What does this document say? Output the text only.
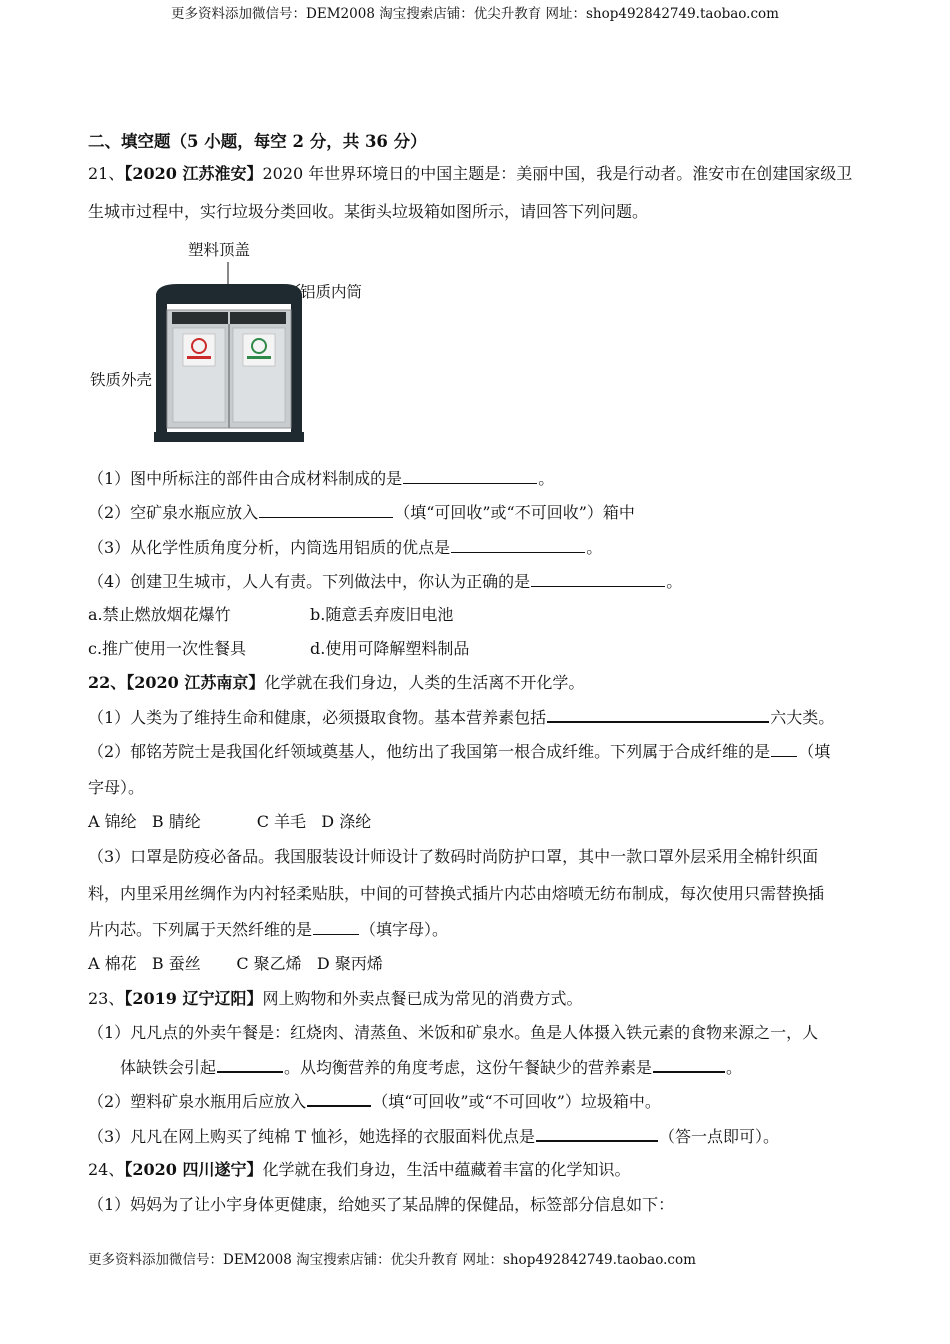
更多资料添加微信号：DEM2008 淘宝搜索店铺：优尖升教育 网址：shop492842749.taobao.com
二、填空题（5 小题，每空 2 分，共 36 分）
21、【2020 江苏淮安】2020 年世界环境日的中国主题是：美丽中国，我是行动者。淮安市在创建国家级卫
生城市过程中，实行垃圾分类回收。某街头垃圾箱如图所示，请回答下列问题。
塑料顶盖
铝质内筒
铁质外壳
（1）图中所标注的部件由合成材料制成的是	。
（2）空矿泉水瓶应放入	（填“可回收”或“不可回收”）箱中
（3）从化学性质角度分析，内筒选用铝质的优点是	。
（4）创建卫生城市，人人有责。下列做法中，你认为正确的是	。
a.禁止燃放烟花爆竹	b.随意丢弃废旧电池
c.推广使用一次性餐具	d.使用可降解塑料制品
22、【2020 江苏南京】化学就在我们身边，人类的生活离不开化学。
（1）人类为了维持生命和健康，必须摄取食物。基本营养素包括	六大类。
（2）郁铭芳院士是我国化纤领域奠基人，他纺出了我国第一根合成纤维。下列属于合成纤维的是 （填
字母）。
A 锦纶   B 腈纶           C 羊毛   D 涤纶
（3）口罩是防疫必备品。我国服装设计师设计了数码时尚防护口罩，其中一款口罩外层采用全棉针织面
料，内里采用丝绸作为内衬轻柔贴肤，中间的可替换式插片内芯由熔喷无纺布制成，每次使用只需替换插
片内芯。下列属于天然纤维的是	（填字母）。
A 棉花   B 蚕丝       C 聚乙烯   D 聚丙烯
23、【2019 辽宁辽阳】网上购物和外卖点餐已成为常见的消费方式。
（1）凡凡点的外卖午餐是：红烧肉、清蒸鱼、米饭和矿泉水。鱼是人体摄入铁元素的食物来源之一，人
体缺铁会引起	。从均衡营养的角度考虑，这份午餐缺少的营养素是	。
（2）塑料矿泉水瓶用后应放入	（填“可回收”或“不可回收”）垃圾箱中。
（3）凡凡在网上购买了纯棉 T 恤衫，她选择的衣服面料优点是	（答一点即可）。
24、【2020 四川遂宁】化学就在我们身边，生活中蕴藏着丰富的化学知识。
（1）妈妈为了让小宇身体更健康，给她买了某品牌的保健品，标签部分信息如下：
更多资料添加微信号：DEM2008 淘宝搜索店铺：优尖升教育 网址：shop492842749.taobao.com
